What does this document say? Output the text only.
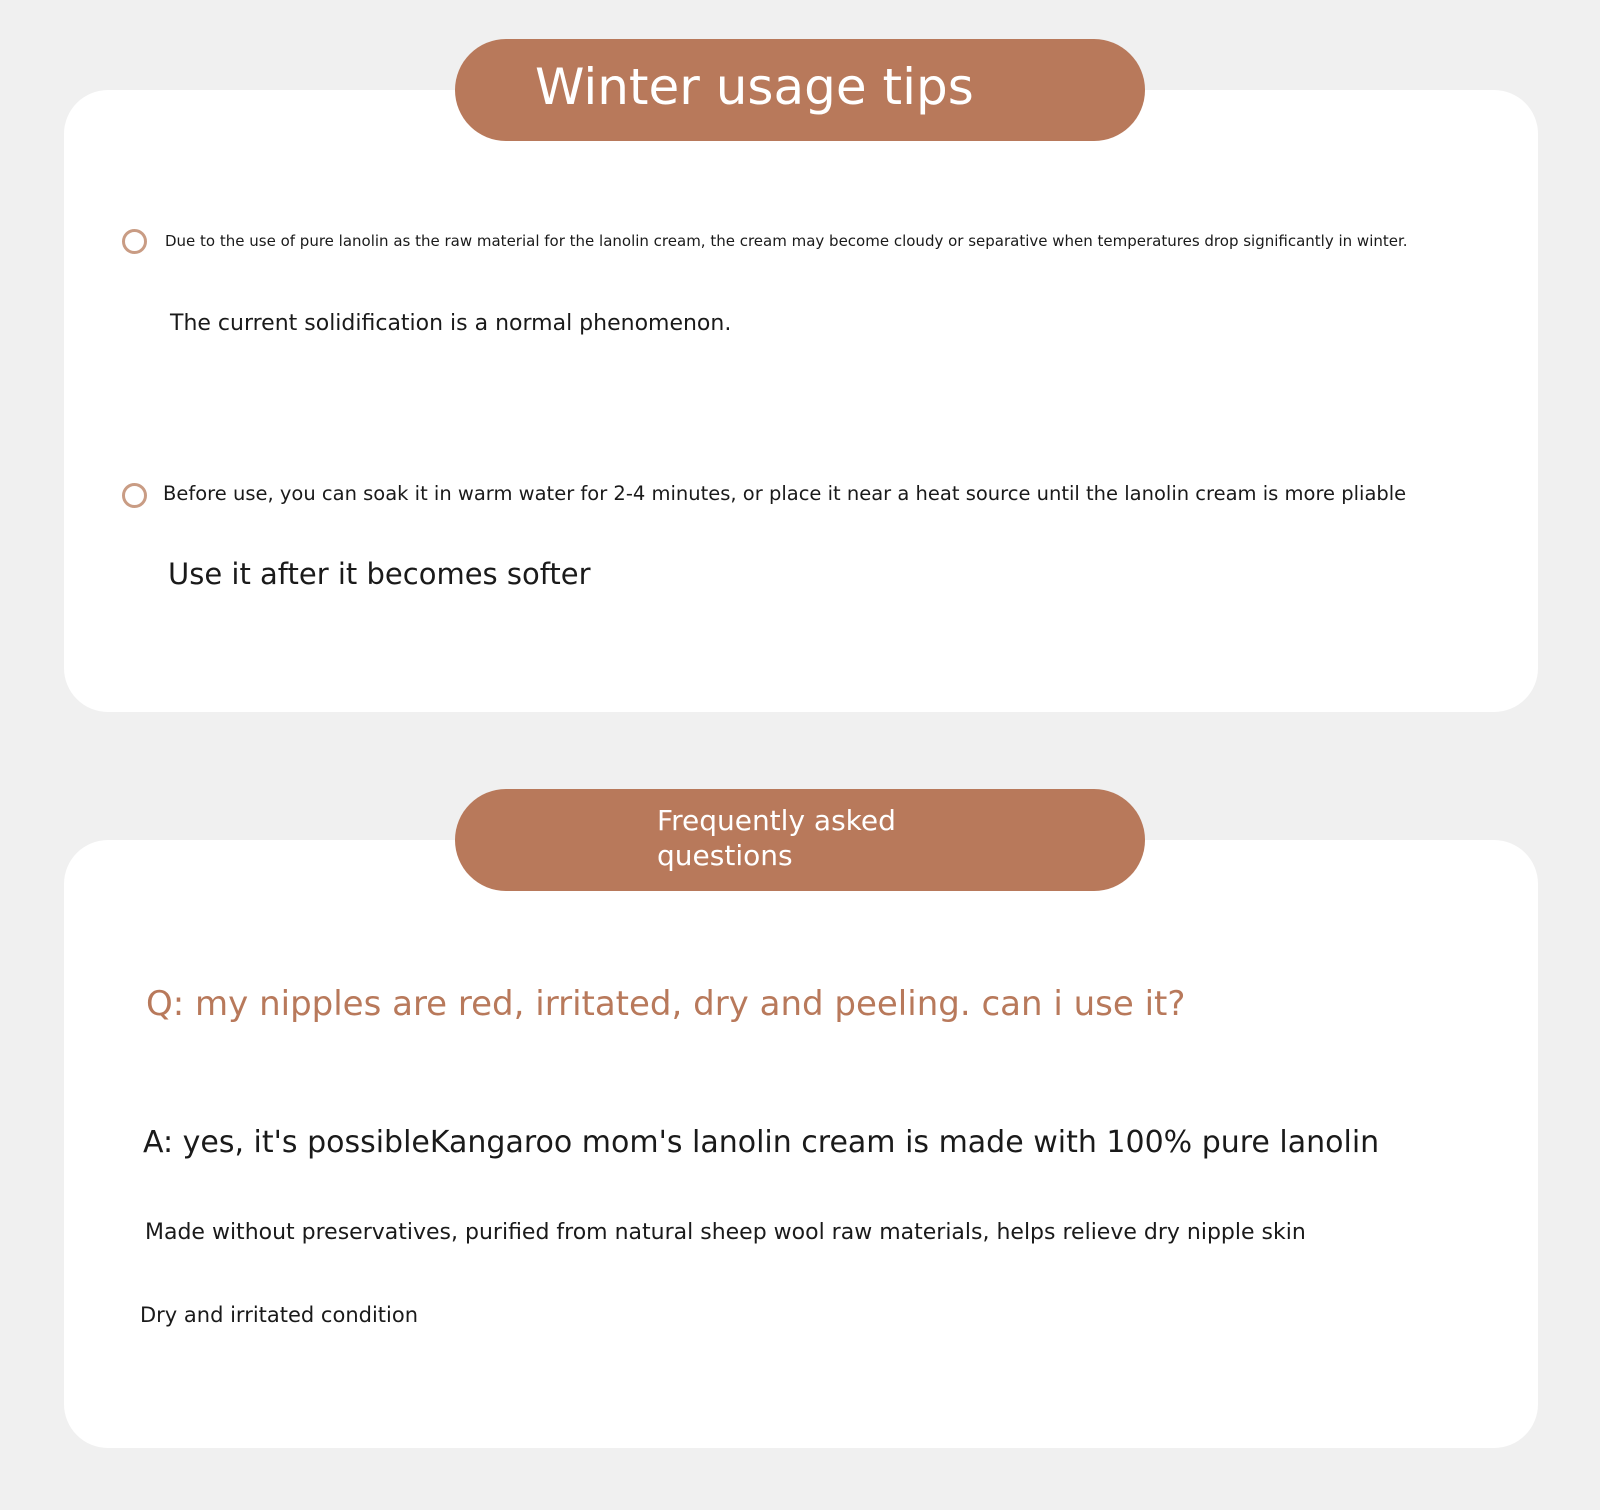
Winter usage tips
Due to the use of pure lanolin as the raw material for the lanolin cream, the cream may become cloudy or separative when temperatures drop significantly in winter.
The current solidification is a normal phenomenon.
Before use, you can soak it in warm water for 2-4 minutes, or place it near a heat source until the lanolin cream is more pliable
Use it after it becomes softer
Frequently asked questions
Q: my nipples are red, irritated, dry and peeling. can i use it?
A: yes, it's possibleKangaroo mom's lanolin cream is made with 100% pure lanolin
Made without preservatives, purified from natural sheep wool raw materials, helps relieve dry nipple skin
Dry and irritated condition
